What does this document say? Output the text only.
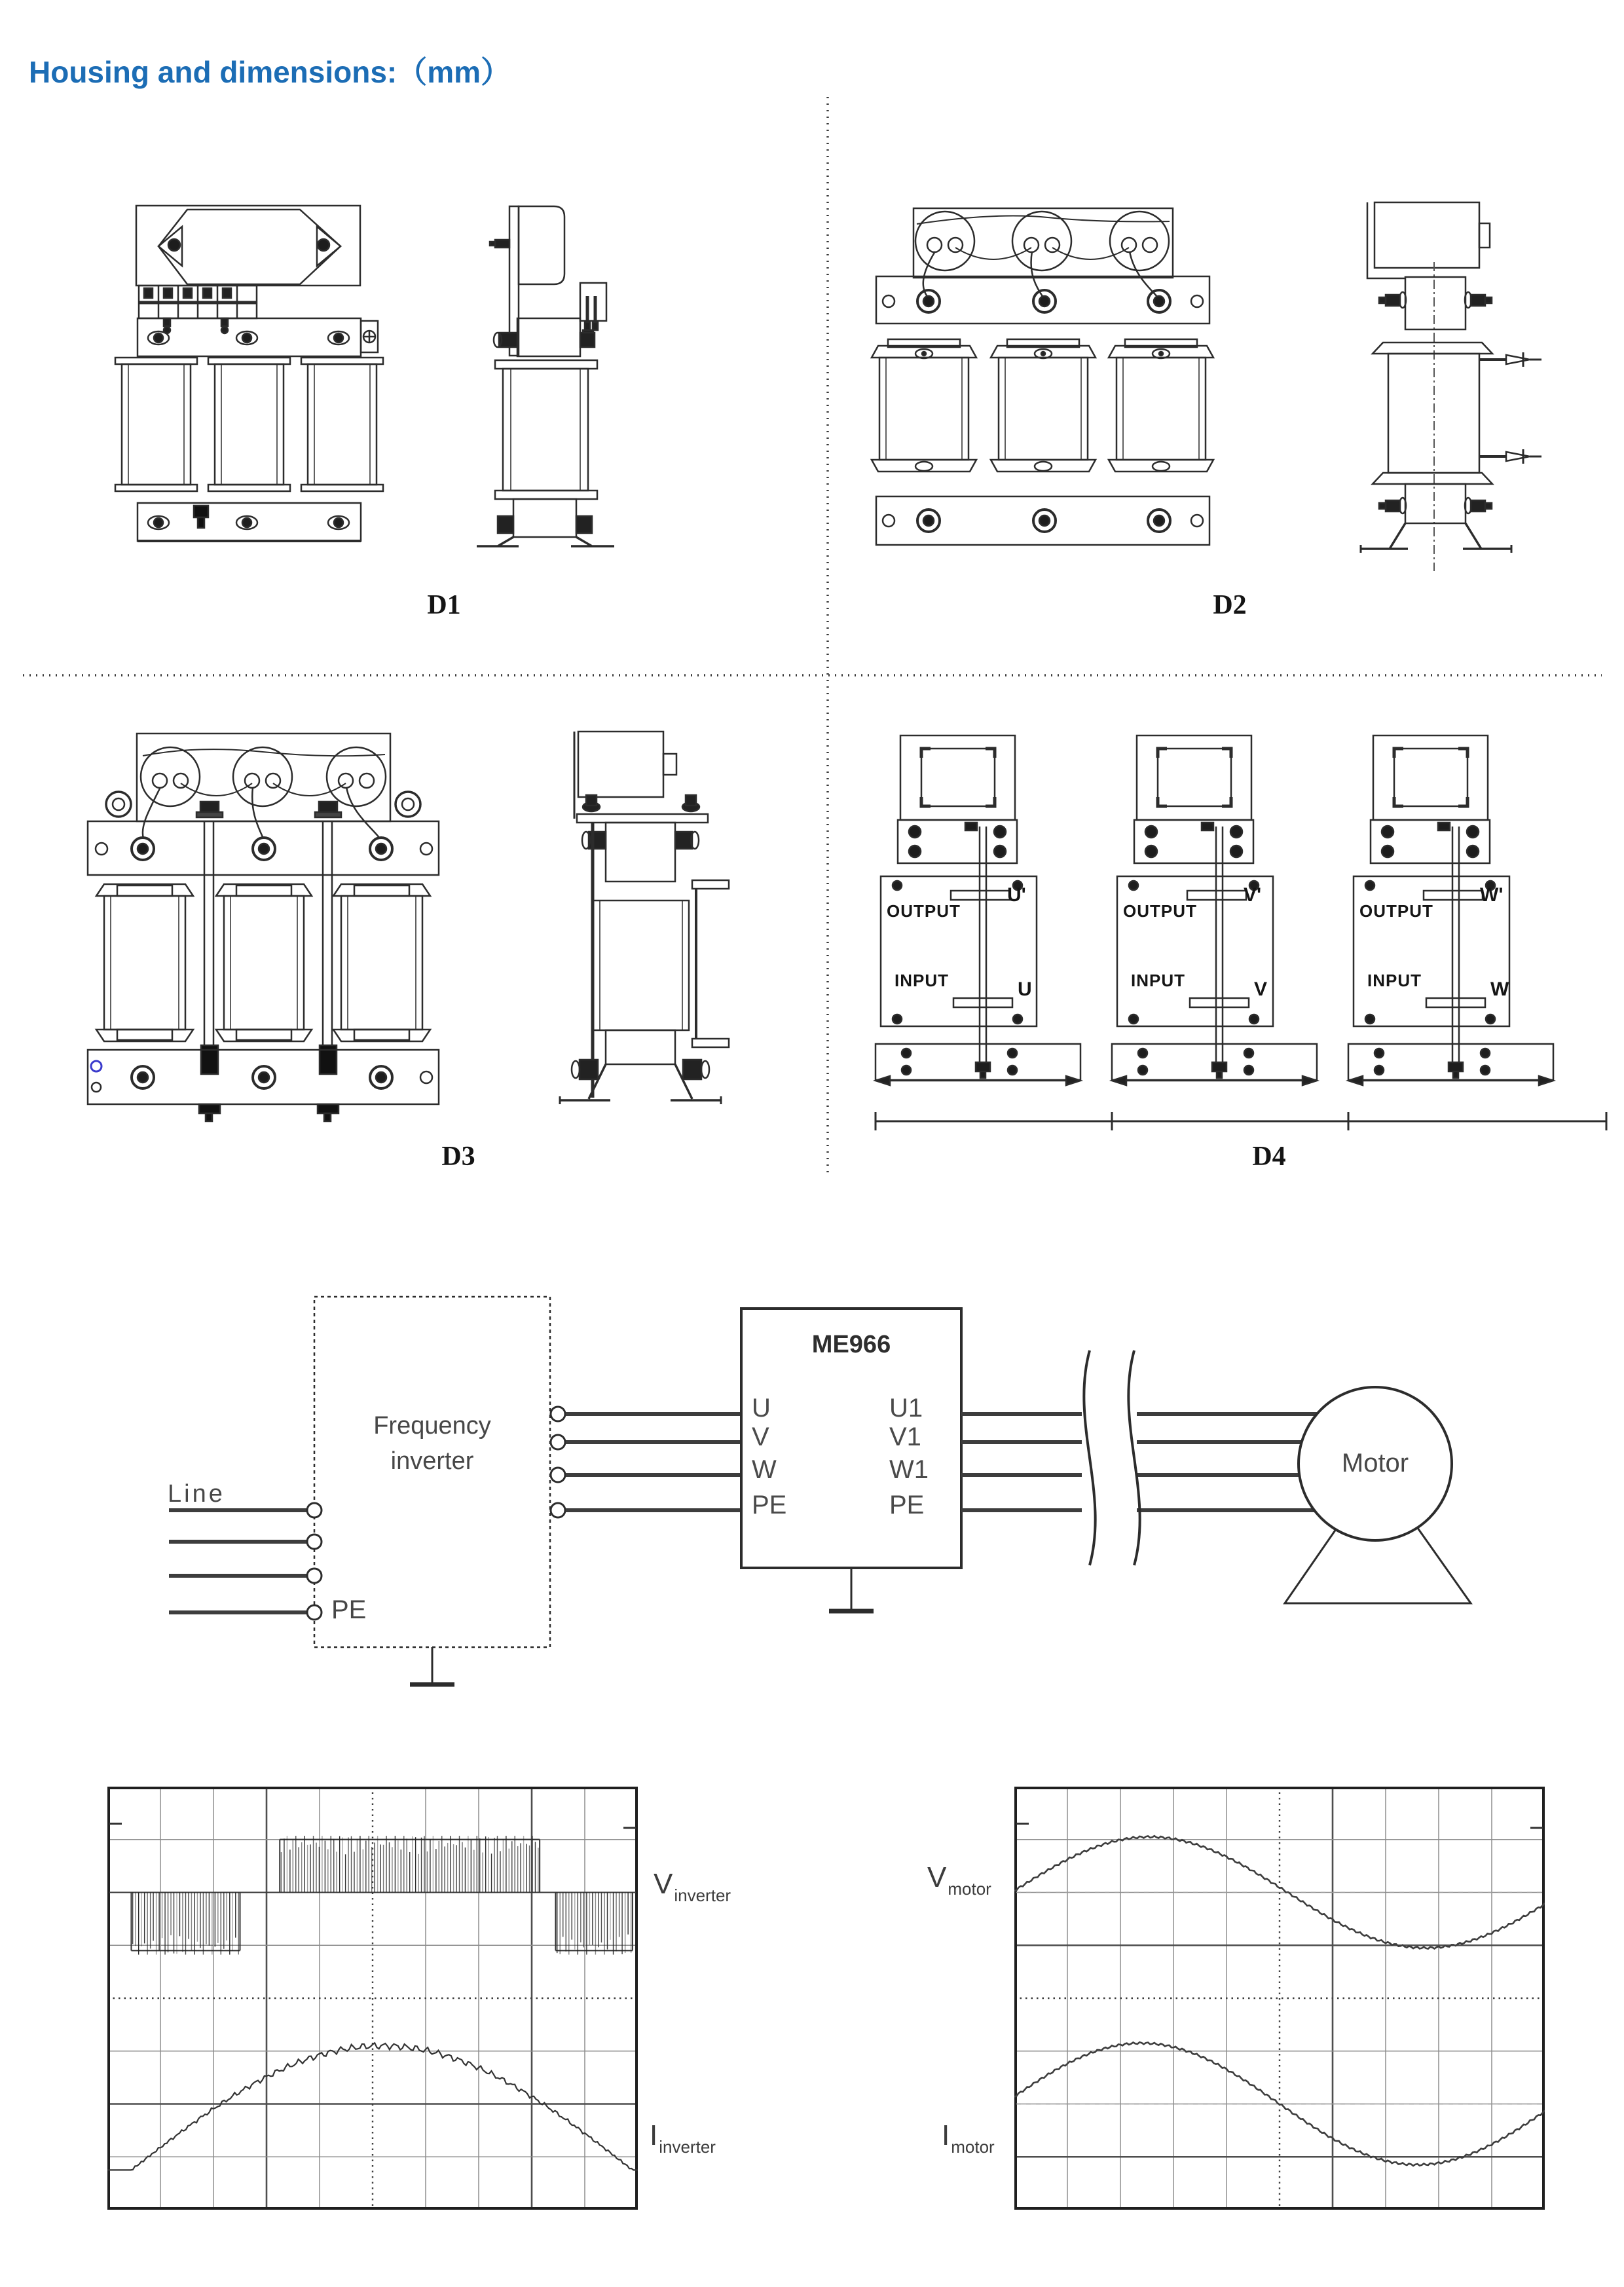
Housing and dimensions:（mm）
D1	D2
D3	D4
OUTPUT
U'
INPUT	U
OUTPUT
V'
INPUT	V
OUTPUT
W'
INPUT	W
Line
PE
Frequency
inverter
ME966
Motor
U
V
W
PE
U1
V1
W1
PE
Vinverter
Iinverter
Vmotor
Imotor
